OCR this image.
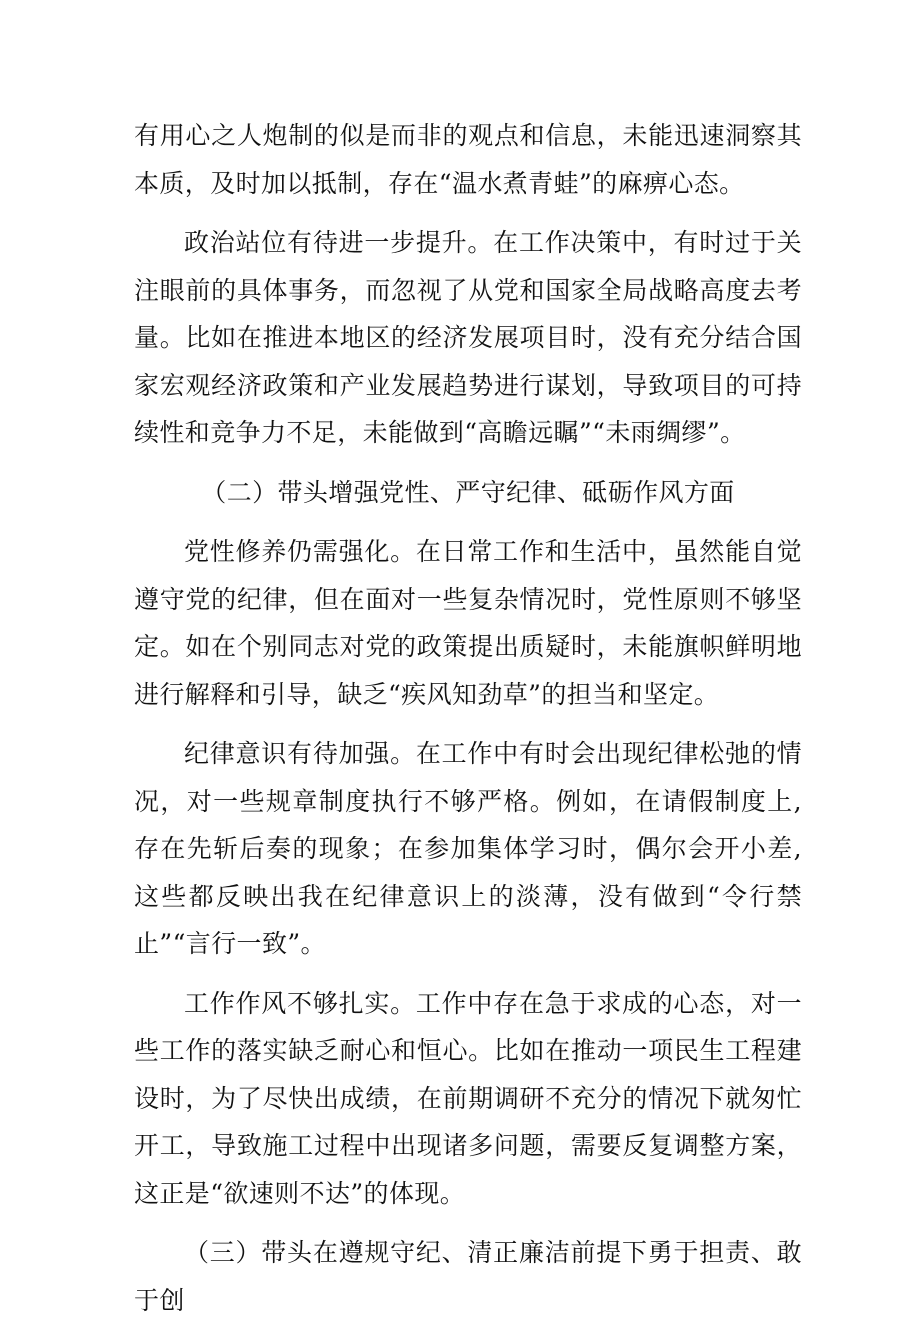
有用心之人炮制的似是而非的观点和信息，未能迅速洞察其本质，及时加以抵制，存在“温水煮青蛙”的麻痹心态。

政治站位有待进一步提升。在工作决策中，有时过于关注眼前的具体事务，而忽视了从党和国家全局战略高度去考量。比如在推进本地区的经济发展项目时，没有充分结合国家宏观经济政策和产业发展趋势进行谋划，导致项目的可持续性和竞争力不足，未能做到“高瞻远瞩”“未雨绸缪”。

（二）带头增强党性、严守纪律、砥砺作风方面

党性修养仍需强化。在日常工作和生活中，虽然能自觉遵守党的纪律，但在面对一些复杂情况时，党性原则不够坚定。如在个别同志对党的政策提出质疑时，未能旗帜鲜明地进行解释和引导，缺乏“疾风知劲草”的担当和坚定。

纪律意识有待加强。在工作中有时会出现纪律松弛的情况，对一些规章制度执行不够严格。例如，在请假制度上,存在先斩后奏的现象；在参加集体学习时，偶尔会开小差,这些都反映出我在纪律意识上的淡薄，没有做到“令行禁止”“言行一致”。

工作作风不够扎实。工作中存在急于求成的心态，对一些工作的落实缺乏耐心和恒心。比如在推动一项民生工程建设时，为了尽快出成绩，在前期调研不充分的情况下就匆忙开工，导致施工过程中出现诸多问题，需要反复调整方案，这正是“欲速则不达”的体现。

（三）带头在遵规守纪、清正廉洁前提下勇于担责、敢于创
